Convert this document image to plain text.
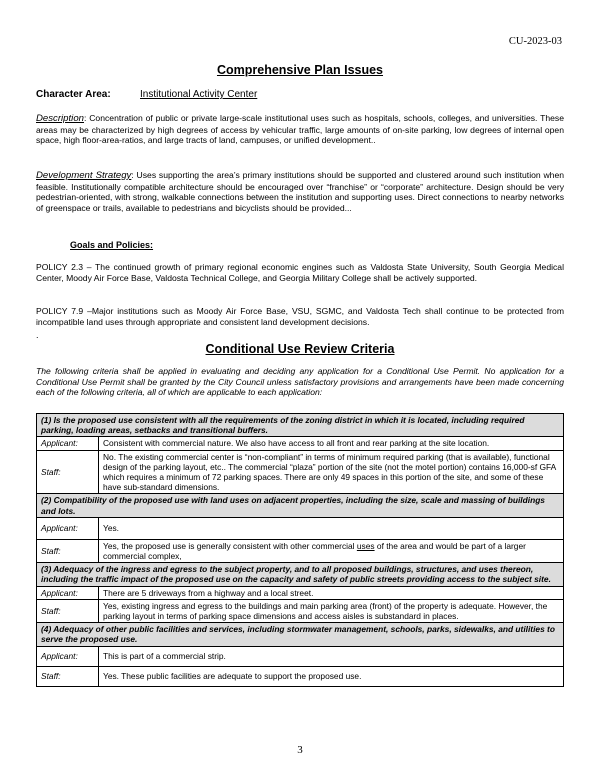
CU-2023-03
Comprehensive Plan Issues
Character Area:	Institutional Activity Center
Description: Concentration of public or private large-scale institutional uses such as hospitals, schools, colleges, and universities. These areas may be characterized by high degrees of access by vehicular traffic, large amounts of on-site parking, low degrees of internal open space, high floor-area-ratios, and large tracts of land, campuses, or unified development..
Development Strategy: Uses supporting the area’s primary institutions should be supported and clustered around such institution when feasible. Institutionally compatible architecture should be encouraged over “franchise” or “corporate” architecture. Design should be very pedestrian-oriented, with strong, walkable connections between the institution and supporting uses. Direct connections to nearby networks of greenspace or trails, available to pedestrians and bicyclists should be provided...
Goals and Policies:
POLICY 2.3 – The continued growth of primary regional economic engines such as Valdosta State University, South Georgia Medical Center, Moody Air Force Base, Valdosta Technical College, and Georgia Military College shall be actively supported.
POLICY 7.9 –Major institutions such as Moody Air Force Base, VSU, SGMC, and Valdosta Tech shall continue to be protected from incompatible land uses through appropriate and consistent land development decisions.
.
Conditional Use Review Criteria
The following criteria shall be applied in evaluating and deciding any application for a Conditional Use Permit. No application for a Conditional Use Permit shall be granted by the City Council unless satisfactory provisions and arrangements have been made concerning each of the following criteria, all of which are applicable to each application:
(1) Is the proposed use consistent with all the requirements of the zoning district in which it is located, including required parking, loading areas, setbacks and transitional buffers.	
Applicant:	Consistent with commercial nature. We also have access to all front and rear parking at the site location.
Staff:	No. The existing commercial center is “non-compliant” in terms of minimum required parking (that is available), functional design of the parking layout, etc.. The commercial “plaza” portion of the site (not the motel portion) contains 16,000-sf GFA which requires a minimum of 72 parking spaces. There are only 49 spaces in this portion of the site, and some of these have sub-standard dimensions.
(2) Compatibility of the proposed use with land uses on adjacent properties, including the size, scale and massing of buildings and lots.	
Applicant:	Yes.
Staff:	Yes, the proposed use is generally consistent with other commercial uses of the area and would be part of a larger commercial complex,
(3) Adequacy of the ingress and egress to the subject property, and to all proposed buildings, structures, and uses thereon, including the traffic impact of the proposed use on the capacity and safety of public streets providing access to the subject site.	
Applicant:	There are 5 driveways from a highway and a local street.
Staff:	Yes, existing ingress and egress to the buildings and main parking area (front) of the property is adequate. However, the parking layout in terms of parking space dimensions and access aisles is substandard in places.
(4) Adequacy of other public facilities and services, including stormwater management, schools, parks, sidewalks, and utilities to serve the proposed use.	
Applicant:	This is part of a commercial strip.
Staff:	Yes. These public facilities are adequate to support the proposed use.
3
